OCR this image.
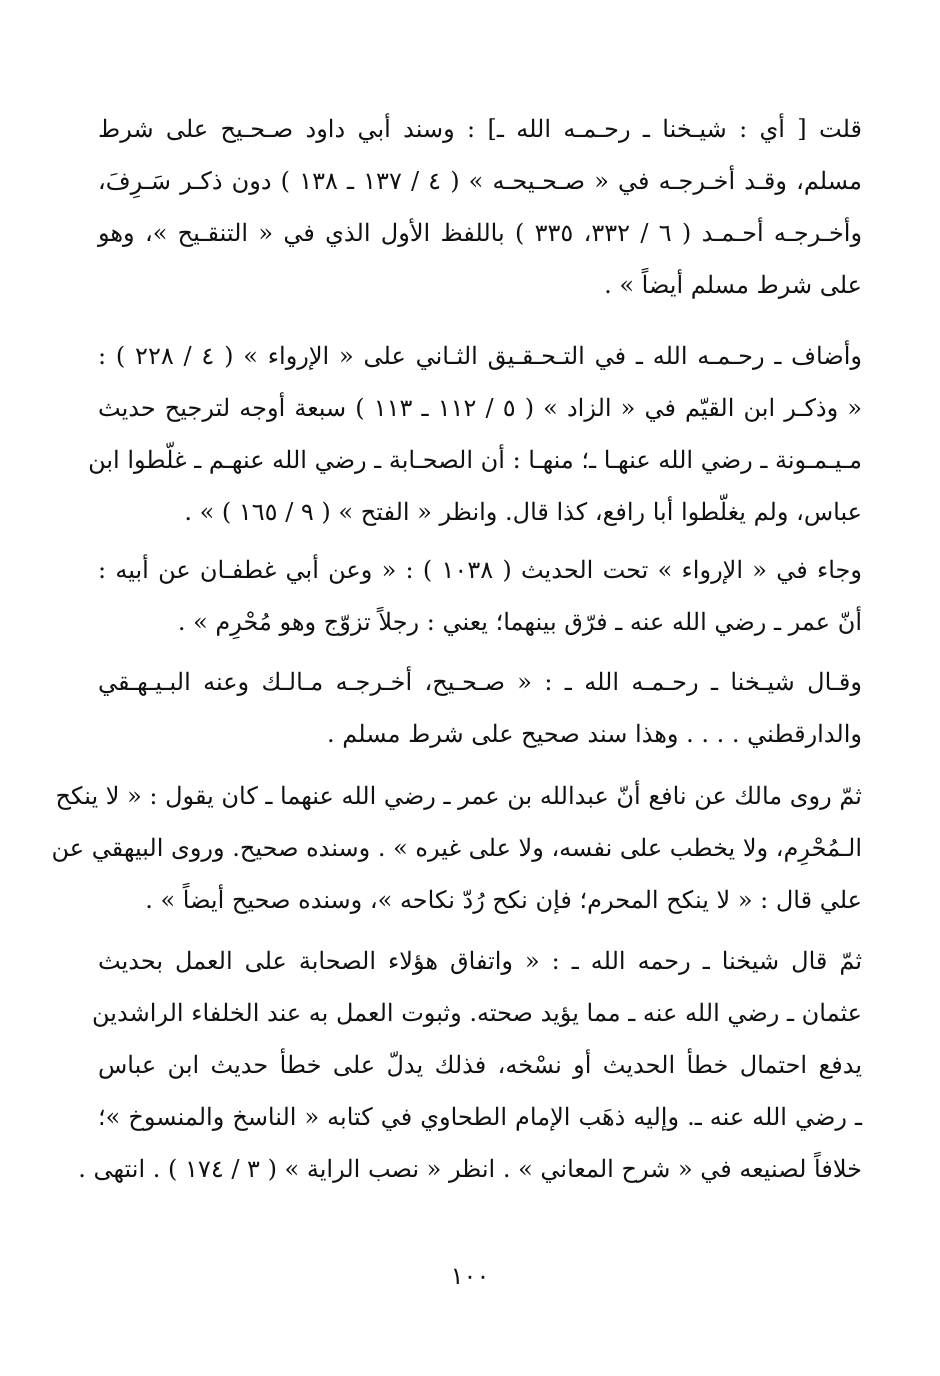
قلت [ أي : شيـخنا ـ رحـمـه الله ـ] : وسند أبي داود صـحـيح على شرط
مسلم، وقـد أخـرجـه في « صـحـيحـه » ( ٤ / ١٣٧ ـ ١٣٨ ) دون ذكـر سَـرِفَ،
وأخـرجـه أحـمـد ( ٦ / ٣٣٢، ٣٣٥ ) باللفظ الأول الذي في « التنقـيح »، وهو
على شرط مسلم أيضاً » .
وأضاف ـ رحـمـه الله ـ في التـحـقـيق الثـاني على « الإرواء » ( ٤ / ٢٢٨ ) :
« وذكـر ابن القيّم في « الزاد » ( ٥ / ١١٢ ـ ١١٣ ) سبعة أوجه لترجيح حديث
مـيـمـونة ـ رضي الله عنهـا ـ؛ منهـا : أن الصحـابة ـ رضي الله عنهـم ـ غلّطوا ابن
عباس، ولم يغلّطوا أبا رافع، كذا قال. وانظر « الفتح » ( ٩ / ١٦٥ ) » .
وجاء في « الإرواء » تحت الحديث ( ١٠٣٨ ) : « وعن أبي غطفـان عن أبيه :
أنّ عمر ـ رضي الله عنه ـ فرّق بينهما؛ يعني : رجلاً تزوّج وهو مُحْرِم » .
وقـال شيـخنا ـ رحـمـه الله ـ : « صـحـيح، أخـرجـه مـالـك وعنه البـيـهـقي
والدارقطني . . . . وهذا سند صحيح على شرط مسلم .
ثمّ روى مالك عن نافع أنّ عبدالله بن عمر ـ رضي الله عنهما ـ كان يقول : « لا ينكح
الـمُحْرِم، ولا يخطب على نفسه، ولا على غيره » . وسنده صحيح. وروى البيهقي عن
علي قال : « لا ينكح المحرم؛ فإن نكح رُدّ نكاحه »، وسنده صحيح أيضاً » .
ثمّ قال شيخنا ـ رحمه الله ـ : « واتفاق هؤلاء الصحابة على العمل بحديث
عثمان ـ رضي الله عنه ـ مما يؤيد صحته. وثبوت العمل به عند الخلفاء الراشدين
يدفع احتمال خطأ الحديث أو نسْخه، فذلك يدلّ على خطأ حديث ابن عباس
ـ رضي الله عنه ـ. وإليه ذهَب الإمام الطحاوي في كتابه « الناسخ والمنسوخ »؛
خلافاً لصنيعه في « شرح المعاني » . انظر « نصب الراية » ( ٣ / ١٧٤ ) . انتهى .
١٠٠
